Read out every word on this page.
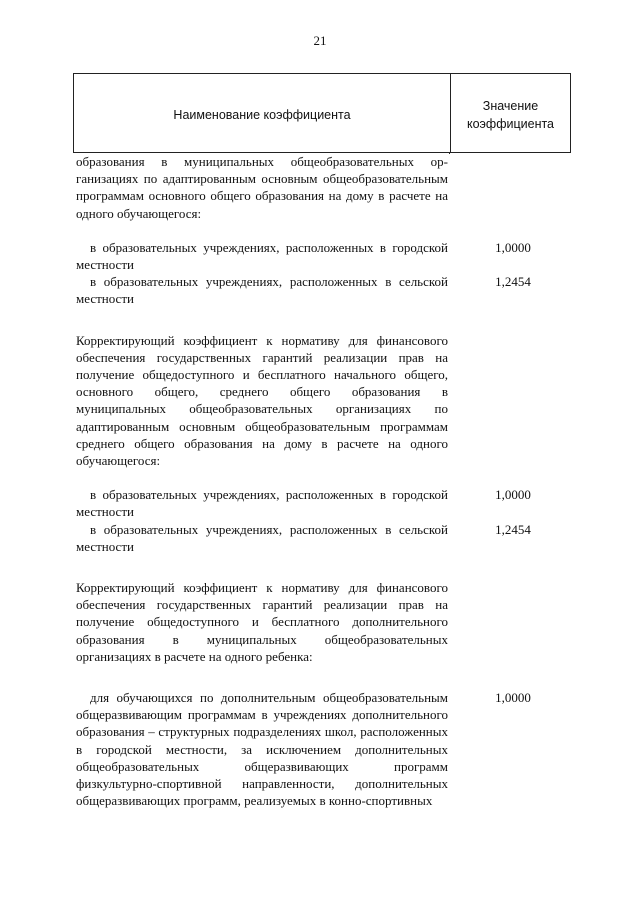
21
Наименование коэффициента
Значение
коэффициента
образования в муниципальных общеобразовательных организациях по адаптированным основным общеобразовательным программам основного общего образования на дому в расчете на одного обучающегося:
в образовательных учреждениях, расположенных в городской местности
1,0000
в образовательных учреждениях, расположенных в сельской местности
1,2454
Корректирующий коэффициент к нормативу для финансового обеспечения государственных гарантий реализации прав на получение общедоступного и бесплатного начального общего, основного общего, среднего общего образования в муниципальных общеобразовательных организациях по адаптированным основным общеобразовательным программам среднего общего образования на дому в расчете на одного обучающегося:
в образовательных учреждениях, расположенных в городской местности
1,0000
в образовательных учреждениях, расположенных в сельской местности
1,2454
Корректирующий коэффициент к нормативу для финансового обеспечения государственных гарантий реализации прав на получение общедоступного и бесплатного дополнительного образования в муниципальных общеобразовательных организациях в расчете на одного ребенка:
для обучающихся по дополнительным общеобразовательным общеразвивающим программам в учреждениях дополнительного образования – структурных подразделениях школ, расположенных в городской местности, за исключением дополнительных общеобразовательных общеразвивающих программ физкультурно-спортивной направленности, дополнительных общеразвивающих программ, реализуемых в конно-спортивных
1,0000
